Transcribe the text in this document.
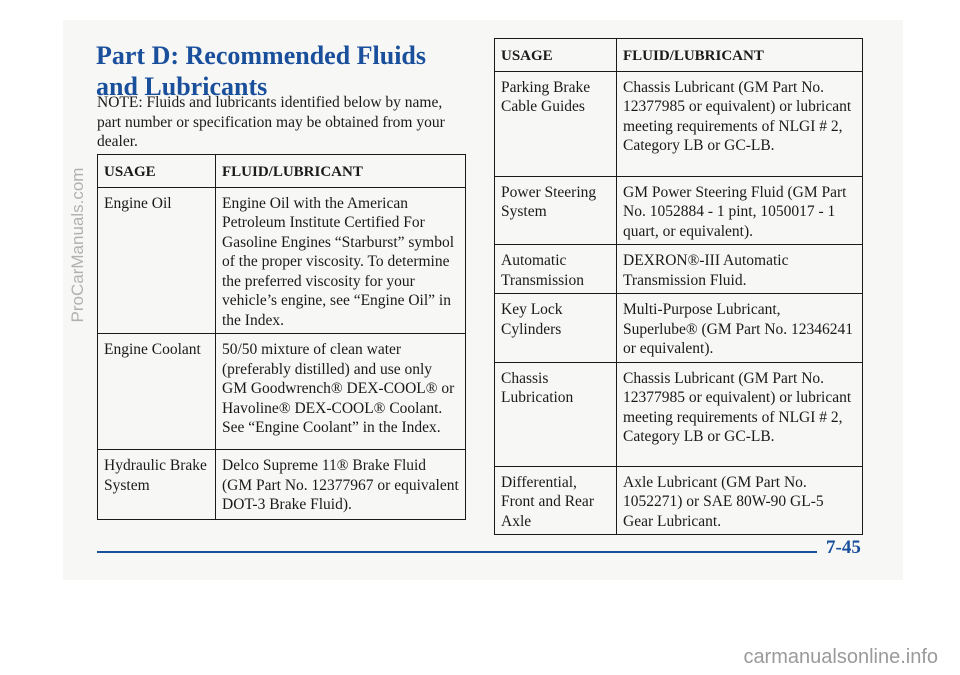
Part D: Recommended Fluids
and Lubricants

NOTE: Fluids and lubricants identified below by name, part number or specification may be obtained from your dealer.

USAGE	FLUID/LUBRICANT
Engine Oil	Engine Oil with the American Petroleum Institute Certified For Gasoline Engines “Starburst” symbol of the proper viscosity. To determine the preferred viscosity for your vehicle’s engine, see “Engine Oil” in the Index.
Engine Coolant	50/50 mixture of clean water (preferably distilled) and use only GM Goodwrench® DEX-COOL® or Havoline® DEX-COOL® Coolant. See “Engine Coolant” in the Index.
Hydraulic Brake System	Delco Supreme 11® Brake Fluid (GM Part No. 12377967 or equivalent DOT-3 Brake Fluid).
USAGE	FLUID/LUBRICANT
Parking Brake Cable Guides	Chassis Lubricant (GM Part No. 12377985 or equivalent) or lubricant meeting requirements of NLGI # 2, Category LB or GC-LB.
Power Steering System	GM Power Steering Fluid (GM Part No. 1052884 - 1 pint, 1050017 - 1 quart, or equivalent).
Automatic Transmission	DEXRON®-III Automatic Transmission Fluid.
Key Lock Cylinders	Multi-Purpose Lubricant, Superlube® (GM Part No. 12346241 or equivalent).
Chassis Lubrication	Chassis Lubricant (GM Part No. 12377985 or equivalent) or lubricant meeting requirements of NLGI # 2, Category LB or GC-LB.
Differential, Front and Rear Axle	Axle Lubricant (GM Part No. 1052271) or SAE 80W-90 GL-5 Gear Lubricant.
7-45
ProCarManuals.com
carmanualsonline.info
